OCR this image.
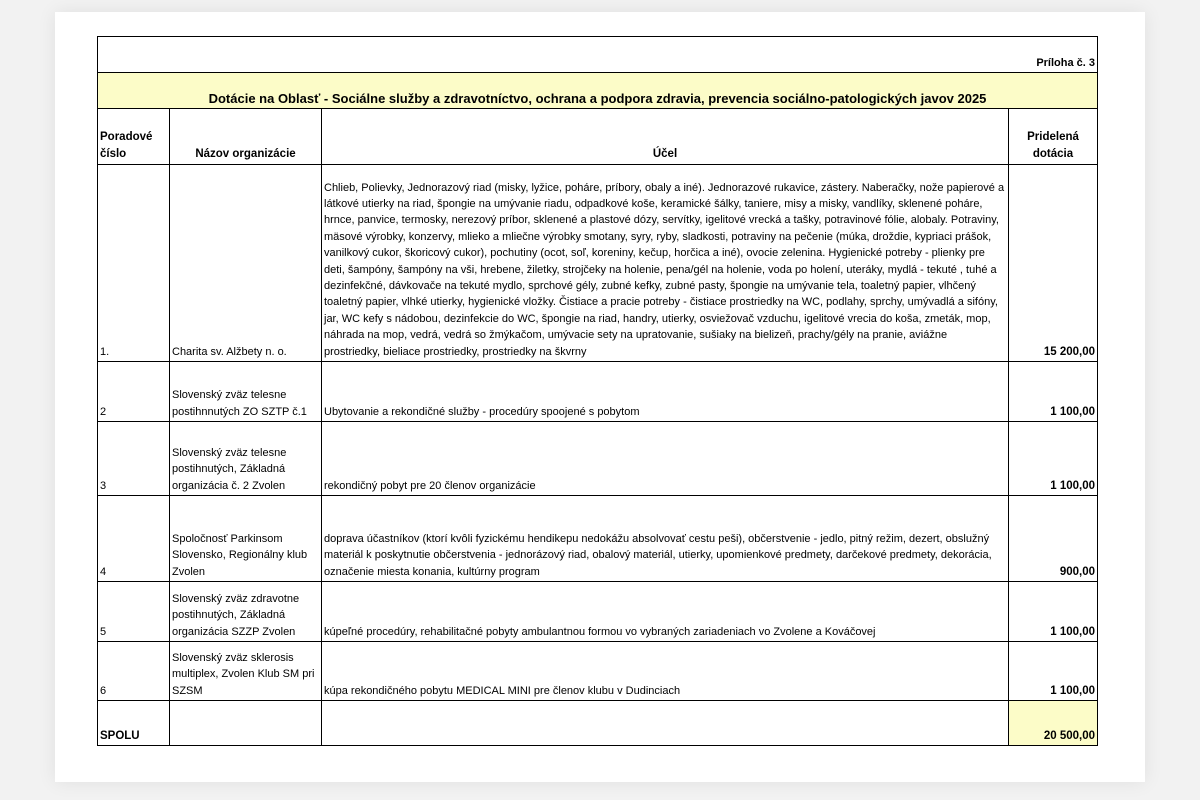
Príloha č. 3			
Dotácie na Oblasť - Sociálne služby a zdravotníctvo, ochrana a podpora zdravia, prevencia sociálno-patologických javov 2025			
Poradové číslo	Názov organizácie	Účel	Pridelená dotácia
1.	Charita sv. Alžbety n. o.	Chlieb, Polievky, Jednorazový riad (misky, lyžice, poháre, príbory, obaly a iné). Jednorazové rukavice, zástery. Naberačky, nože papierové a látkové utierky na riad, špongie na umývanie riadu, odpadkové koše, keramické šálky, taniere, misy a misky, vandlíky, sklenené poháre, hrnce, panvice, termosky, nerezový príbor, sklenené a plastové dózy, servítky, igelitové vrecká a tašky, potravinové fólie, alobaly. Potraviny, mäsové výrobky, konzervy, mlieko a mliečne výrobky smotany, syry, ryby, sladkosti, potraviny na pečenie (múka, droždie, kypriaci prášok, vanilkový cukor, škoricový cukor), pochutiny (ocot, soľ, koreniny, kečup, horčica a iné), ovocie zelenina. Hygienické potreby - plienky pre deti, šampóny, šampóny na vši, hrebene, žiletky, strojčeky na holenie, pena/gél na holenie, voda po holení, uteráky, mydlá - tekuté , tuhé a dezinfekčné, dávkovače na tekuté mydlo, sprchové gély, zubné kefky, zubné pasty, špongie na umývanie tela, toaletný papier, vlhčený toaletný papier, vlhké utierky, hygienické vložky. Čistiace a pracie potreby - čistiace prostriedky na WC, podlahy, sprchy, umývadlá a sifóny, jar, WC kefy s nádobou, dezinfekcie do WC, špongie na riad, handry, utierky, osviežovač vzduchu, igelitové vrecia do koša, zmeták, mop, náhrada na mop, vedrá, vedrá so žmýkačom, umývacie sety na upratovanie, sušiaky na bielizeň, prachy/gély na pranie, aviážne prostriedky, bieliace prostriedky, prostriedky na škvrny	15 200,00
2	Slovenský zväz telesne postihnnutých ZO SZTP č.1	Ubytovanie a rekondičné služby - procedúry spoojené s pobytom	1 100,00
3	Slovenský zväz telesne postihnutých, Základná organizácia č. 2 Zvolen	rekondičný pobyt pre 20 členov organizácie	1 100,00
4	Spoločnosť Parkinsom Slovensko, Regionálny klub Zvolen	doprava účastníkov (ktorí kvôli fyzickému hendikepu nedokážu absolvovať cestu peši), občerstvenie - jedlo, pitný režim, dezert, obslužný materiál k poskytnutie občerstvenia - jednorázový riad, obalový materiál, utierky, upomienkové predmety, darčekové predmety, dekorácia, označenie miesta konania, kultúrny program	900,00
5	Slovenský zväz zdravotne postihnutých, Základná organizácia SZZP Zvolen	kúpeľné procedúry, rehabilitačné pobyty ambulantnou formou vo vybraných zariadeniach vo Zvolene a Kováčovej	1 100,00
6	Slovenský zväz sklerosis multiplex, Zvolen Klub SM pri SZSM	kúpa rekondičného pobytu MEDICAL MINI pre členov klubu v Dudinciach	1 100,00
SPOLU			20 500,00
